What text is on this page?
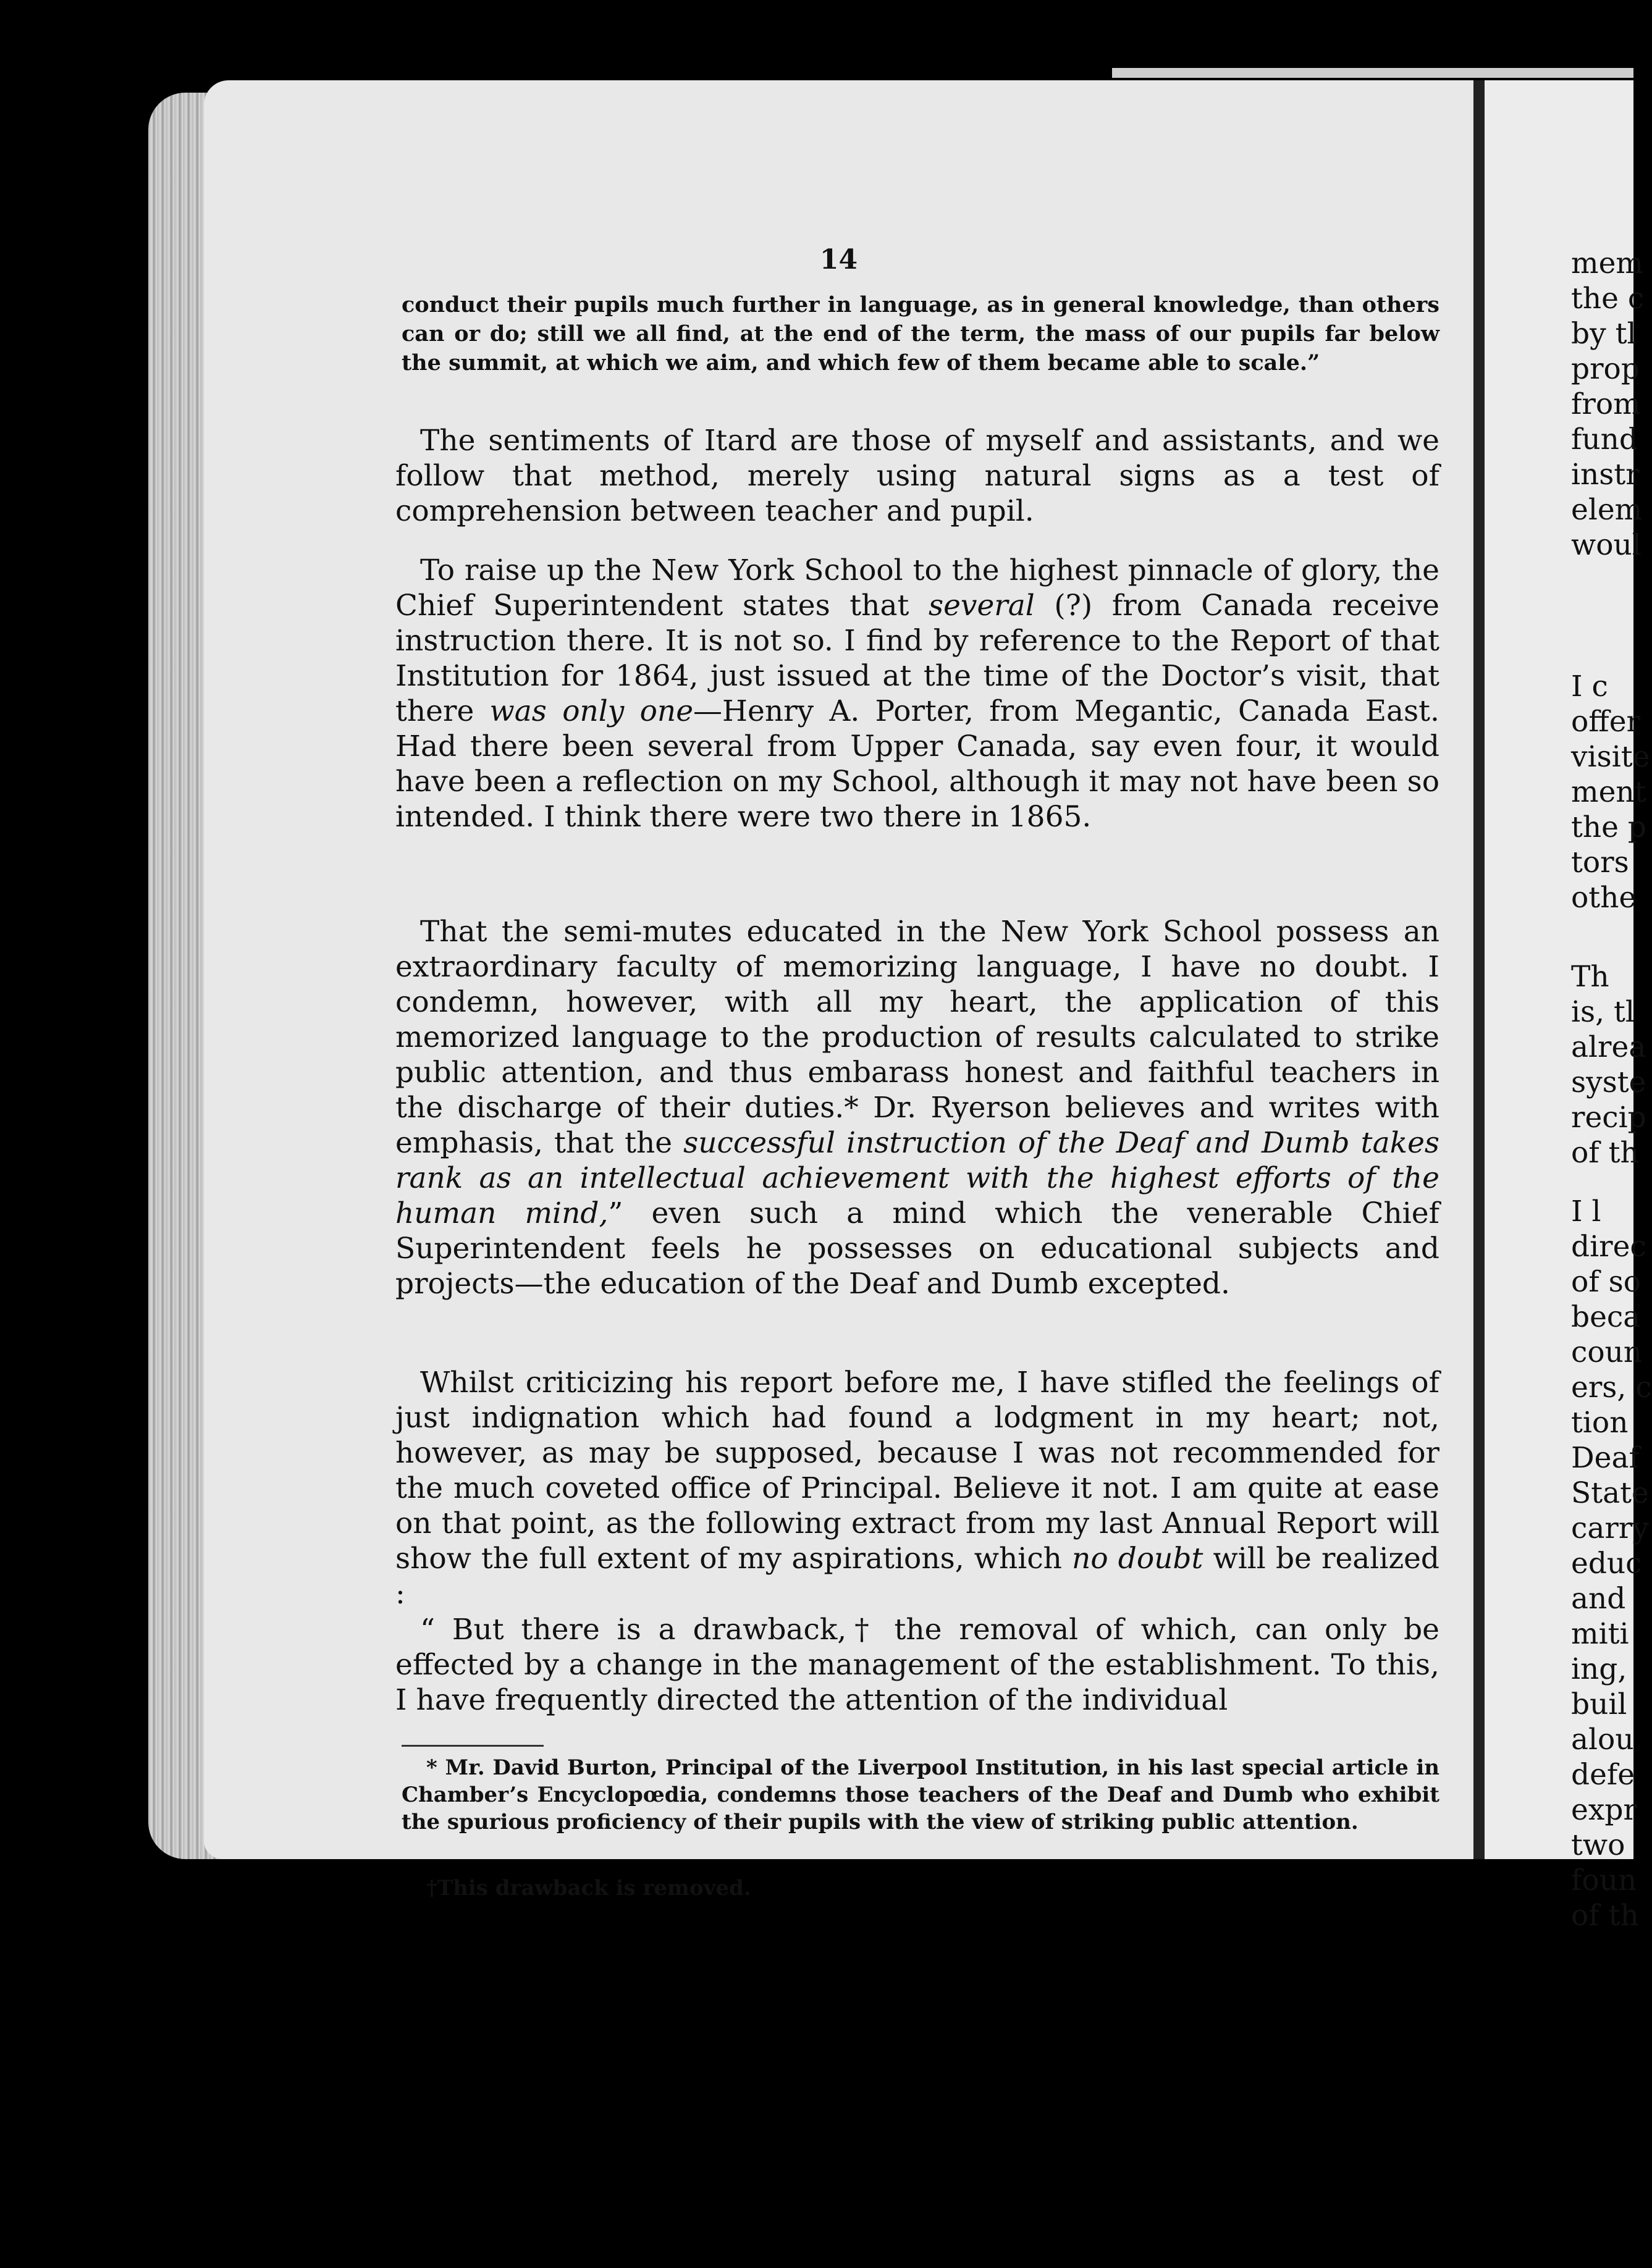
14
conduct their pupils much further in language, as in general knowledge, than others can or do; still we all find, at the end of the term, the mass of our pupils far below the summit, at which we aim, and which few of them became able to scale.”
The sentiments of Itard are those of myself and assistants, and we follow that method, merely using natural signs as a test of comprehension between teacher and pupil.
To raise up the New York School to the highest pinnacle of glory, the Chief Superintendent states that several (?) from Canada receive instruction there. It is not so. I find by reference to the Report of that Institution for 1864, just issued at the time of the Doctor’s visit, that there was only one—Henry A. Porter, from Megantic, Canada East. Had there been several from Upper Canada, say even four, it would have been a reflection on my School, although it may not have been so intended. I think there were two there in 1865.
That the semi-mutes educated in the New York School possess an extraordinary faculty of memorizing language, I have no doubt. I condemn, however, with all my heart, the application of this memorized language to the production of results calculated to strike public attention, and thus embarass honest and faithful teachers in the discharge of their duties.* Dr. Ryerson believes and writes with emphasis, that the successful instruction of the Deaf and Dumb takes rank as an intellectual achievement with the highest efforts of the human mind,” even such a mind which the venerable Chief Superintendent feels he possesses on educational subjects and projects—the education of the Deaf and Dumb excepted.
Whilst criticizing his report before me, I have stifled the feelings of just indignation which had found a lodgment in my heart; not, however, as may be supposed, because I was not recommended for the much coveted office of Principal. Believe it not. I am quite at ease on that point, as the following extract from my last Annual Report will show the full extent of my aspirations, which no doubt will be realized :
“ But there is a drawback,† the removal of which, can only be effected by a change in the management of the establishment. To this, I have frequently directed the attention of the individual
* Mr. David Burton, Principal of the Liverpool Institution, in his last special article in Chamber’s Encyclopœdia, condemns those teachers of the Deaf and Dumb who exhibit the spurious proficiency of their pupils with the view of striking public attention.
†This drawback is removed.
mem
the c
by tl
prop
from
fund
instr
elem
woul
I c
offer
visite
ment
the p
tors
othe
Th
is, tl
alrea
syste
recip
of th
I l
direc
of so
beca
coun
ers, c
tion
Deaf
State
carry
educ
and
miti
ing,
buil
alou
defe
expr
two
foun
of th
